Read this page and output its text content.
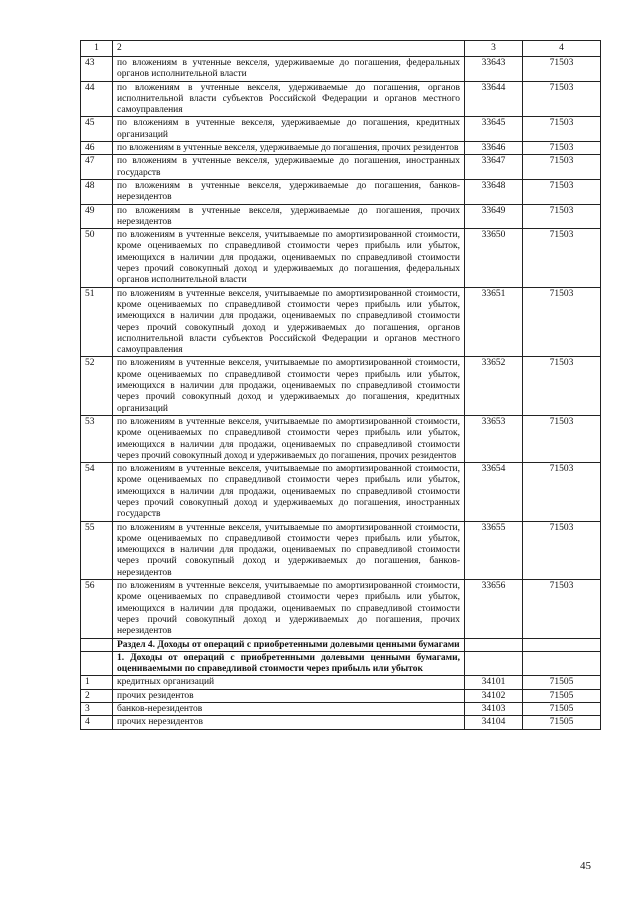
1	2	3	4
43	по вложениям в учтенные векселя, удерживаемые до погашения, федеральных органов исполнительной власти	33643	71503
44	по вложениям в учтенные векселя, удерживаемые до погашения, органов исполнительной власти субъектов Российской Федерации и органов местного самоуправления	33644	71503
45	по вложениям в учтенные векселя, удерживаемые до погашения, кредитных организаций	33645	71503
46	по вложениям в учтенные векселя, удерживаемые до погашения, прочих резидентов	33646	71503
47	по вложениям в учтенные векселя, удерживаемые до погашения, иностранных государств	33647	71503
48	по вложениям в учтенные векселя, удерживаемые до погашения, банков-нерезидентов	33648	71503
49	по вложениям в учтенные векселя, удерживаемые до погашения, прочих нерезидентов	33649	71503
50	по вложениям в учтенные векселя, учитываемые по амортизированной стоимости, кроме оцениваемых по справедливой стоимости через прибыль или убыток, имеющихся в наличии для продажи, оцениваемых по справедливой стоимости через прочий совокупный доход и удерживаемых до погашения, федеральных органов исполнительной власти	33650	71503
51	по вложениям в учтенные векселя, учитываемые по амортизированной стоимости, кроме оцениваемых по справедливой стоимости через прибыль или убыток, имеющихся в наличии для продажи, оцениваемых по справедливой стоимости через прочий совокупный доход и удерживаемых до погашения, органов исполнительной власти субъектов Российской Федерации и органов местного самоуправления	33651	71503
52	по вложениям в учтенные векселя, учитываемые по амортизированной стоимости, кроме оцениваемых по справедливой стоимости через прибыль или убыток, имеющихся в наличии для продажи, оцениваемых по справедливой стоимости через прочий совокупный доход и удерживаемых до погашения, кредитных организаций	33652	71503
53	по вложениям в учтенные векселя, учитываемые по амортизированной стоимости, кроме оцениваемых по справедливой стоимости через прибыль или убыток, имеющихся в наличии для продажи, оцениваемых по справедливой стоимости через прочий совокупный доход и удерживаемых до погашения, прочих резидентов	33653	71503
54	по вложениям в учтенные векселя, учитываемые по амортизированной стоимости, кроме оцениваемых по справедливой стоимости через прибыль или убыток, имеющихся в наличии для продажи, оцениваемых по справедливой стоимости через прочий совокупный доход и удерживаемых до погашения, иностранных государств	33654	71503
55	по вложениям в учтенные векселя, учитываемые по амортизированной стоимости, кроме оцениваемых по справедливой стоимости через прибыль или убыток, имеющихся в наличии для продажи, оцениваемых по справедливой стоимости через прочий совокупный доход и удерживаемых до погашения, банков-нерезидентов	33655	71503
56	по вложениям в учтенные векселя, учитываемые по амортизированной стоимости, кроме оцениваемых по справедливой стоимости через прибыль или убыток, имеющихся в наличии для продажи, оцениваемых по справедливой стоимости через прочий совокупный доход и удерживаемых до погашения, прочих нерезидентов	33656	71503
	Раздел 4. Доходы от операций с приобретенными долевыми ценными бумагами		
	1. Доходы от операций с приобретенными долевыми ценными бумагами, оцениваемыми по справедливой стоимости через прибыль или убыток		
1	кредитных организаций	34101	71505
2	прочих резидентов	34102	71505
3	банков-нерезидентов	34103	71505
4	прочих нерезидентов	34104	71505
45
